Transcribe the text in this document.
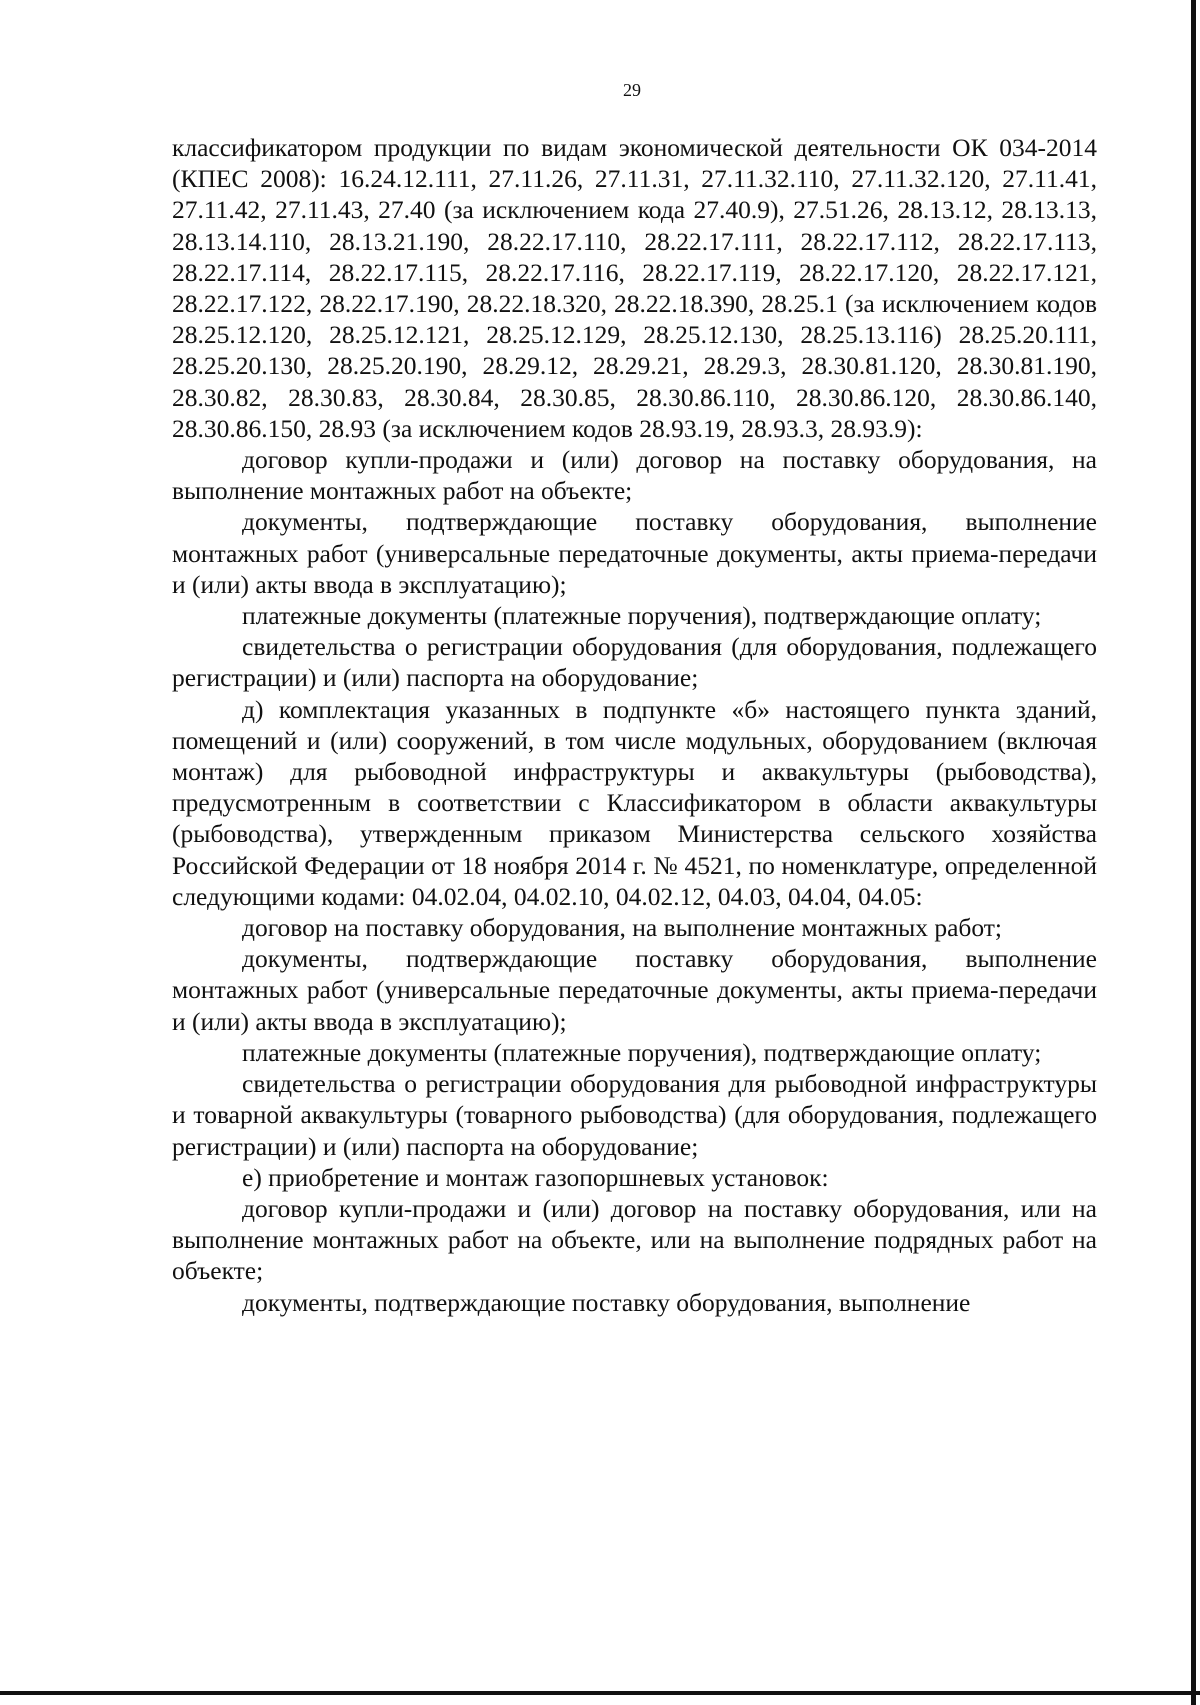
29

классификатором продукции по видам экономической деятельности ОК 034-2014 (КПЕС 2008): 16.24.12.111, 27.11.26, 27.11.31, 27.11.32.110, 27.11.32.120, 27.11.41, 27.11.42, 27.11.43, 27.40 (за исключением кода 27.40.9), 27.51.26, 28.13.12, 28.13.13, 28.13.14.110, 28.13.21.190, 28.22.17.110, 28.22.17.111, 28.22.17.112, 28.22.17.113, 28.22.17.114, 28.22.17.115, 28.22.17.116, 28.22.17.119, 28.22.17.120, 28.22.17.121, 28.22.17.122, 28.22.17.190, 28.22.18.320, 28.22.18.390, 28.25.1 (за исключением кодов 28.25.12.120, 28.25.12.121, 28.25.12.129, 28.25.12.130, 28.25.13.116) 28.25.20.111, 28.25.20.130, 28.25.20.190, 28.29.12, 28.29.21, 28.29.3, 28.30.81.120, 28.30.81.190, 28.30.82, 28.30.83, 28.30.84, 28.30.85, 28.30.86.110, 28.30.86.120, 28.30.86.140, 28.30.86.150, 28.93 (за исключением кодов 28.93.19, 28.93.3, 28.93.9):

договор купли-продажи и (или) договор на поставку оборудования, на выполнение монтажных работ на объекте;

документы, подтверждающие поставку оборудования, выполнение монтажных работ (универсальные передаточные документы, акты приема-передачи и (или) акты ввода в эксплуатацию);

платежные документы (платежные поручения), подтверждающие оплату;

свидетельства о регистрации оборудования (для оборудования, подлежащего регистрации) и (или) паспорта на оборудование;

д) комплектация указанных в подпункте «б» настоящего пункта зданий, помещений и (или) сооружений, в том числе модульных, оборудованием (включая монтаж) для рыбоводной инфраструктуры и аквакультуры (рыбоводства), предусмотренным в соответствии с Классификатором в области аквакультуры (рыбоводства), утвержденным приказом Министерства сельского хозяйства Российской Федерации от 18 ноября 2014 г. № 4521, по номенклатуре, определенной следующими кодами: 04.02.04, 04.02.10, 04.02.12, 04.03, 04.04, 04.05:

договор на поставку оборудования, на выполнение монтажных работ;

документы, подтверждающие поставку оборудования, выполнение монтажных работ (универсальные передаточные документы, акты приема-передачи и (или) акты ввода в эксплуатацию);

платежные документы (платежные поручения), подтверждающие оплату;

свидетельства о регистрации оборудования для рыбоводной инфраструктуры и товарной аквакультуры (товарного рыбоводства) (для оборудования, подлежащего регистрации) и (или) паспорта на оборудование;

е) приобретение и монтаж газопоршневых установок:

договор купли-продажи и (или) договор на поставку оборудования, или на выполнение монтажных работ на объекте, или на выполнение подрядных работ на объекте;

документы, подтверждающие поставку оборудования, выполнение
